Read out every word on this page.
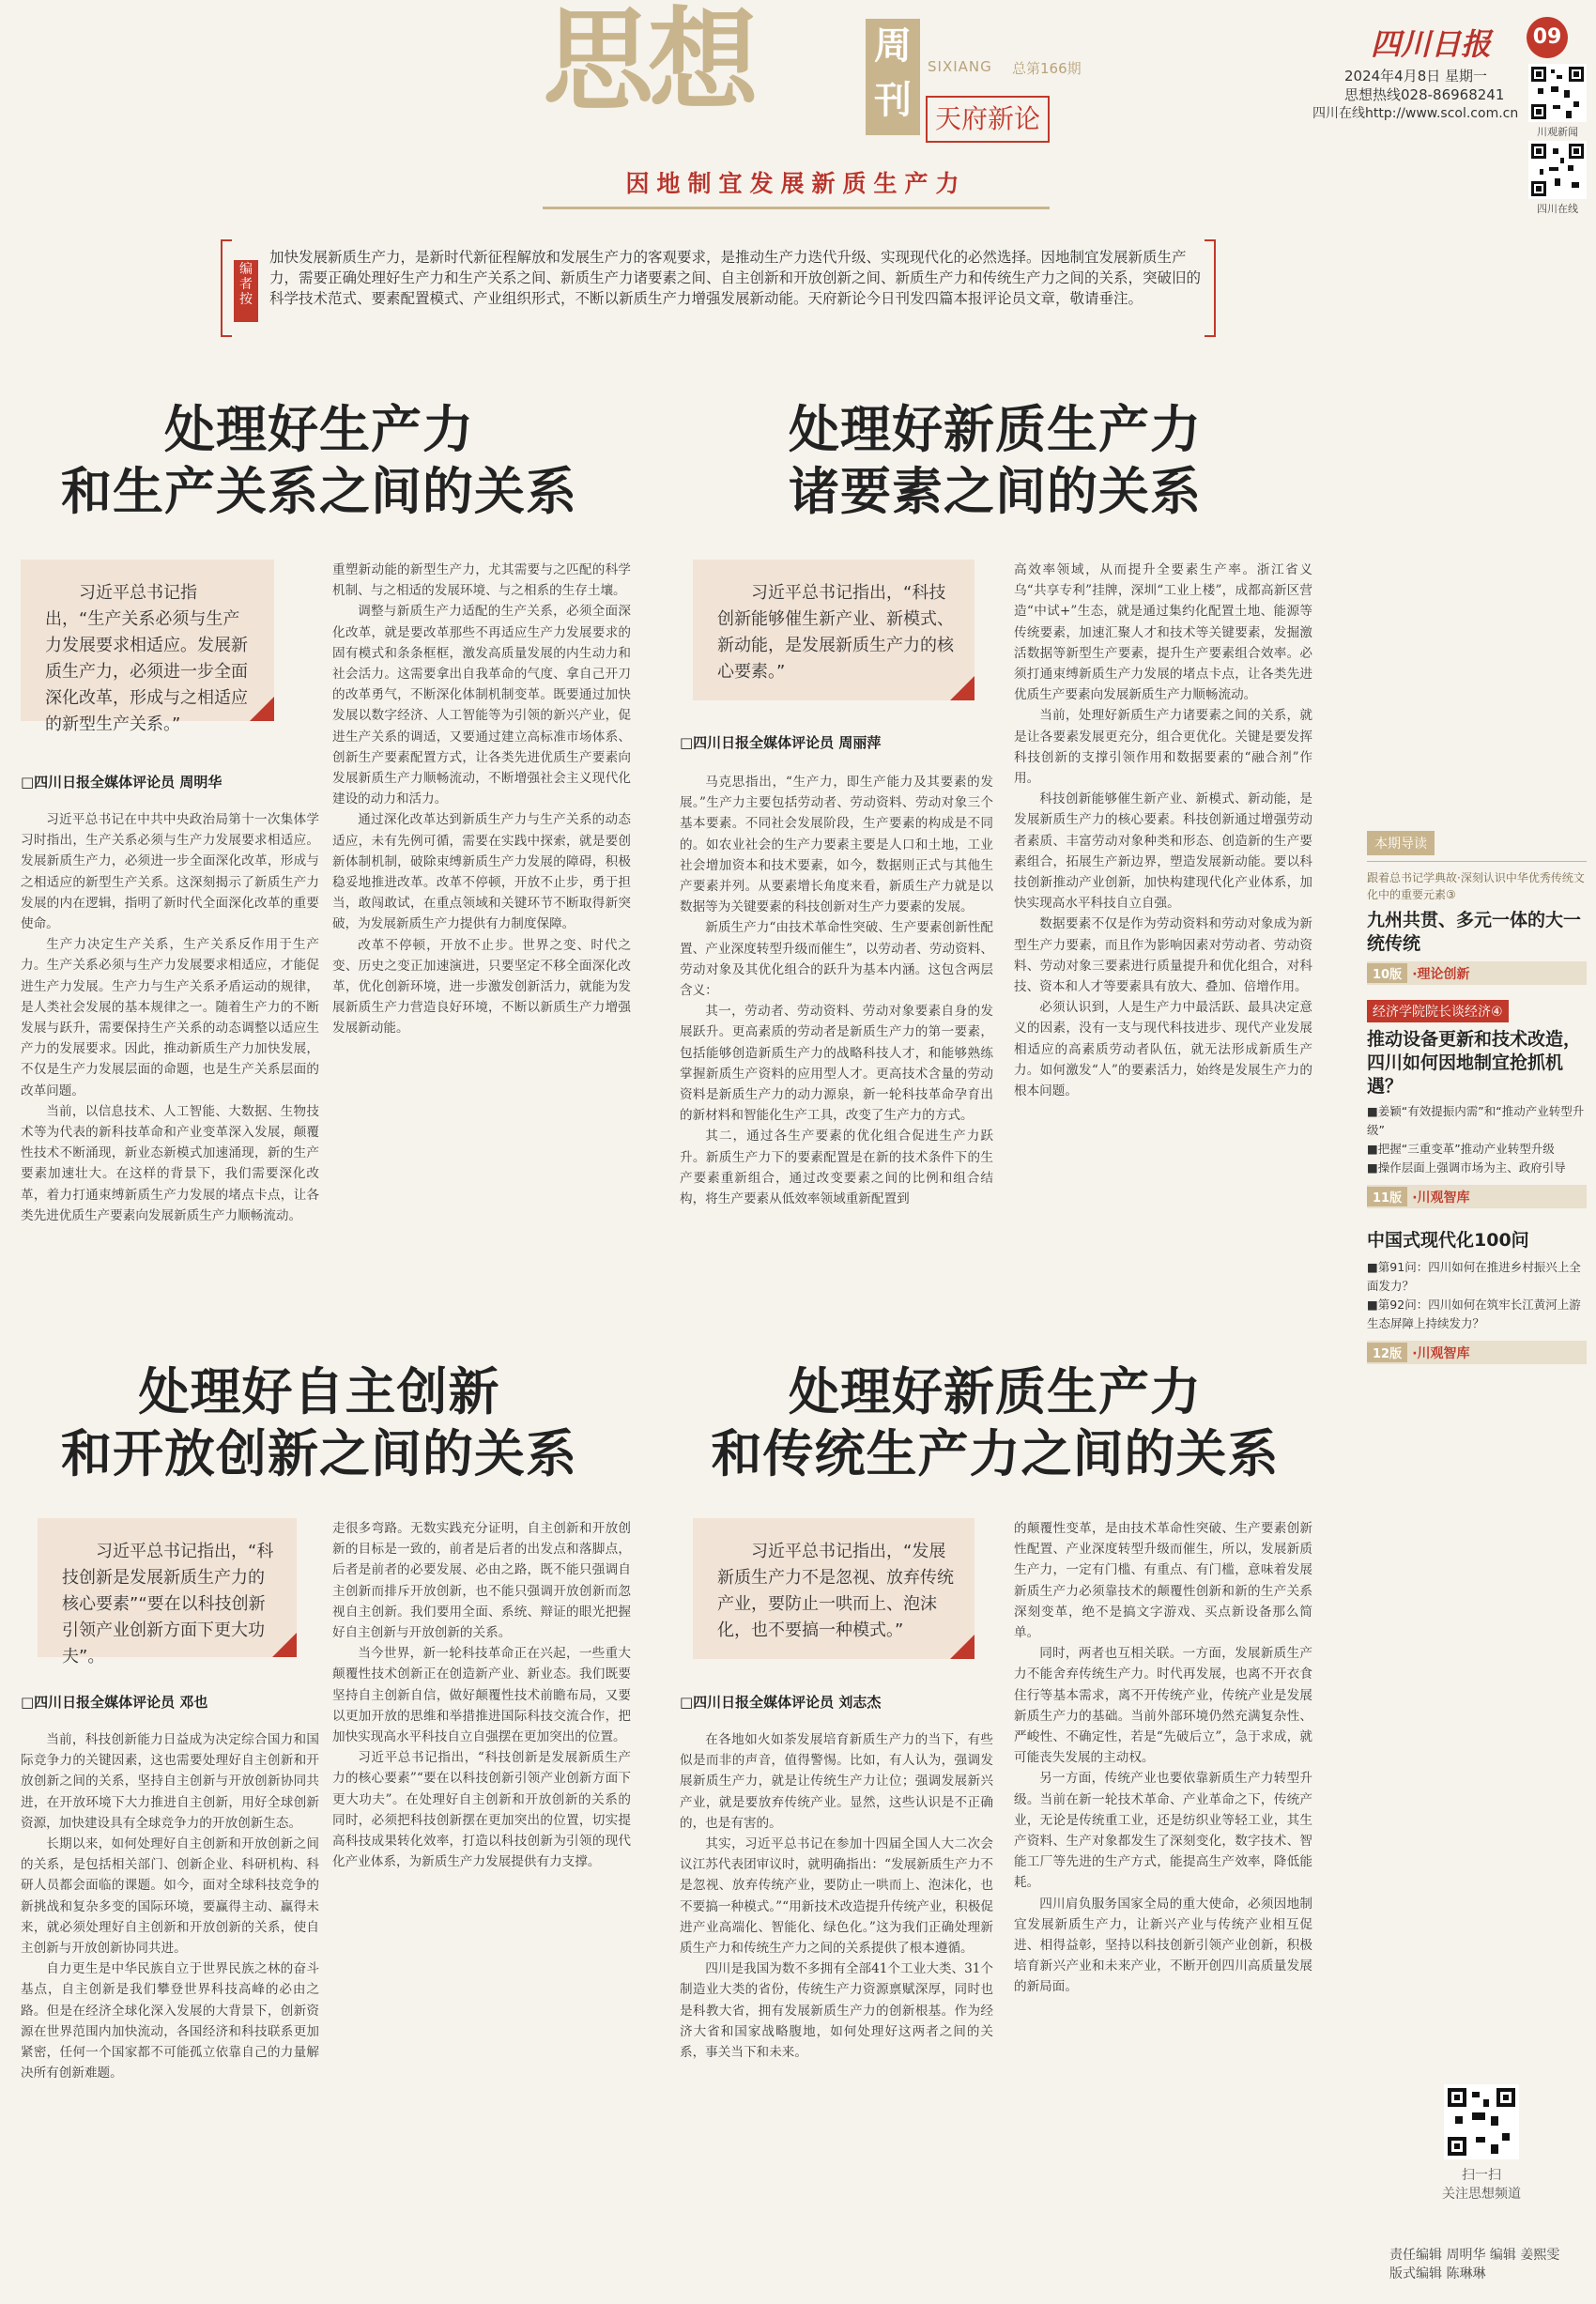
思想	周刊
SIXIANG 总第166期
天府新论
因地制宜发展新质生产力
四川日报	09
2024年4月8日 星期一
思想热线028-86968241
四川在线http://www.scol.com.cn
川观新闻
四川在线
编者按
加快发展新质生产力，是新时代新征程解放和发展生产力的客观要求，是推动生产力迭代升级、实现现代化的必然选择。因地制宜发展新质生产力，需要正确处理好生产力和生产关系之间、新质生产力诸要素之间、自主创新和开放创新之间、新质生产力和传统生产力之间的关系，突破旧的科学技术范式、要素配置模式、产业组织形式，不断以新质生产力增强发展新动能。天府新论今日刊发四篇本报评论员文章，敬请垂注。
处理好生产力
和生产关系之间的关系
习近平总书记指出，“生产关系必须与生产力发展要求相适应。发展新质生产力，必须进一步全面深化改革，形成与之相适应的新型生产关系。”
□四川日报全媒体评论员 周明华

习近平总书记在中共中央政治局第十一次集体学习时指出，生产关系必须与生产力发展要求相适应。发展新质生产力，必须进一步全面深化改革，形成与之相适应的新型生产关系。这深刻揭示了新质生产力发展的内在逻辑，指明了新时代全面深化改革的重要使命。

生产力决定生产关系，生产关系反作用于生产力。生产关系必须与生产力发展要求相适应，才能促进生产力发展。生产力与生产关系矛盾运动的规律，是人类社会发展的基本规律之一。随着生产力的不断发展与跃升，需要保持生产关系的动态调整以适应生产力的发展要求。因此，推动新质生产力加快发展，不仅是生产力发展层面的命题，也是生产关系层面的改革问题。

当前，以信息技术、人工智能、大数据、生物技术等为代表的新科技革命和产业变革深入发展，颠覆性技术不断涌现，新业态新模式加速涌现，新的生产要素加速壮大。在这样的背景下，我们需要深化改革，着力打通束缚新质生产力发展的堵点卡点，让各类先进优质生产要素向发展新质生产力顺畅流动。

重塑新动能的新型生产力，尤其需要与之匹配的科学机制、与之相适的发展环境、与之相系的生存土壤。

调整与新质生产力适配的生产关系，必须全面深化改革，就是要改革那些不再适应生产力发展要求的固有模式和条条框框，激发高质量发展的内生动力和社会活力。这需要拿出自我革命的气度、拿自己开刀的改革勇气，不断深化体制机制变革。既要通过加快发展以数字经济、人工智能等为引领的新兴产业，促进生产关系的调适，又要通过建立高标准市场体系、创新生产要素配置方式，让各类先进优质生产要素向发展新质生产力顺畅流动，不断增强社会主义现代化建设的动力和活力。

通过深化改革达到新质生产力与生产关系的动态适应，未有先例可循，需要在实践中探索，就是要创新体制机制，破除束缚新质生产力发展的障碍，积极稳妥地推进改革。改革不停顿，开放不止步，勇于担当，敢闯敢试，在重点领域和关键环节不断取得新突破，为发展新质生产力提供有力制度保障。

改革不停顿，开放不止步。世界之变、时代之变、历史之变正加速演进，只要坚定不移全面深化改革，优化创新环境，进一步激发创新活力，就能为发展新质生产力营造良好环境，不断以新质生产力增强发展新动能。

处理好新质生产力
诸要素之间的关系
习近平总书记指出，“科技创新能够催生新产业、新模式、新动能，是发展新质生产力的核心要素。”
□四川日报全媒体评论员 周丽萍

马克思指出，“生产力，即生产能力及其要素的发展。”生产力主要包括劳动者、劳动资料、劳动对象三个基本要素。不同社会发展阶段，生产要素的构成是不同的。如农业社会的生产力要素主要是人口和土地，工业社会增加资本和技术要素，如今，数据则正式与其他生产要素并列。从要素增长角度来看，新质生产力就是以数据等为关键要素的科技创新对生产力要素的发展。

新质生产力“由技术革命性突破、生产要素创新性配置、产业深度转型升级而催生”，以劳动者、劳动资料、劳动对象及其优化组合的跃升为基本内涵。这包含两层含义：

其一，劳动者、劳动资料、劳动对象要素自身的发展跃升。更高素质的劳动者是新质生产力的第一要素，包括能够创造新质生产力的战略科技人才，和能够熟练掌握新质生产资料的应用型人才。更高技术含量的劳动资料是新质生产力的动力源泉，新一轮科技革命孕育出的新材料和智能化生产工具，改变了生产力的方式。

其二，通过各生产要素的优化组合促进生产力跃升。新质生产力下的要素配置是在新的技术条件下的生产要素重新组合，通过改变要素之间的比例和组合结构，将生产要素从低效率领域重新配置到

高效率领域，从而提升全要素生产率。浙江省义乌“共享专利”挂牌，深圳“工业上楼”，成都高新区营造“中试+”生态，就是通过集约化配置土地、能源等传统要素，加速汇聚人才和技术等关键要素，发掘激活数据等新型生产要素，提升生产要素组合效率。必须打通束缚新质生产力发展的堵点卡点，让各类先进优质生产要素向发展新质生产力顺畅流动。

当前，处理好新质生产力诸要素之间的关系，就是让各要素发展更充分，组合更优化。关键是要发挥科技创新的支撑引领作用和数据要素的“融合剂”作用。

科技创新能够催生新产业、新模式、新动能，是发展新质生产力的核心要素。科技创新通过增强劳动者素质、丰富劳动对象种类和形态、创造新的生产要素组合，拓展生产新边界，塑造发展新动能。要以科技创新推动产业创新，加快构建现代化产业体系，加快实现高水平科技自立自强。

数据要素不仅是作为劳动资料和劳动对象成为新型生产力要素，而且作为影响因素对劳动者、劳动资料、劳动对象三要素进行质量提升和优化组合，对科技、资本和人才等要素具有放大、叠加、倍增作用。

必须认识到，人是生产力中最活跃、最具决定意义的因素，没有一支与现代科技进步、现代产业发展相适应的高素质劳动者队伍，就无法形成新质生产力。如何激发“人”的要素活力，始终是发展生产力的根本问题。

处理好自主创新
和开放创新之间的关系
习近平总书记指出，“科技创新是发展新质生产力的核心要素”“要在以科技创新引领产业创新方面下更大功夫”。
□四川日报全媒体评论员 邓也

当前，科技创新能力日益成为决定综合国力和国际竞争力的关键因素，这也需要处理好自主创新和开放创新之间的关系，坚持自主创新与开放创新协同共进，在开放环境下大力推进自主创新，用好全球创新资源，加快建设具有全球竞争力的开放创新生态。

长期以来，如何处理好自主创新和开放创新之间的关系，是包括相关部门、创新企业、科研机构、科研人员都会面临的课题。如今，面对全球科技竞争的新挑战和复杂多变的国际环境，要赢得主动、赢得未来，就必须处理好自主创新和开放创新的关系，使自主创新与开放创新协同共进。

自力更生是中华民族自立于世界民族之林的奋斗基点，自主创新是我们攀登世界科技高峰的必由之路。但是在经济全球化深入发展的大背景下，创新资源在世界范围内加快流动，各国经济和科技联系更加紧密，任何一个国家都不可能孤立依靠自己的力量解决所有创新难题。

走很多弯路。无数实践充分证明，自主创新和开放创新的目标是一致的，前者是后者的出发点和落脚点，后者是前者的必要发展、必由之路，既不能只强调自主创新而排斥开放创新，也不能只强调开放创新而忽视自主创新。我们要用全面、系统、辩证的眼光把握好自主创新与开放创新的关系。

当今世界，新一轮科技革命正在兴起，一些重大颠覆性技术创新正在创造新产业、新业态。我们既要坚持自主创新自信，做好颠覆性技术前瞻布局，又要以更加开放的思维和举措推进国际科技交流合作，把加快实现高水平科技自立自强摆在更加突出的位置。

习近平总书记指出，“科技创新是发展新质生产力的核心要素”“要在以科技创新引领产业创新方面下更大功夫”。在处理好自主创新和开放创新的关系的同时，必须把科技创新摆在更加突出的位置，切实提高科技成果转化效率，打造以科技创新为引领的现代化产业体系，为新质生产力发展提供有力支撑。

处理好新质生产力
和传统生产力之间的关系
习近平总书记指出，“发展新质生产力不是忽视、放弃传统产业，要防止一哄而上、泡沫化，也不要搞一种模式。”
□四川日报全媒体评论员 刘志杰

在各地如火如荼发展培育新质生产力的当下，有些似是而非的声音，值得警惕。比如，有人认为，强调发展新质生产力，就是让传统生产力让位；强调发展新兴产业，就是要放弃传统产业。显然，这些认识是不正确的，也是有害的。

其实，习近平总书记在参加十四届全国人大二次会议江苏代表团审议时，就明确指出：“发展新质生产力不是忽视、放弃传统产业，要防止一哄而上、泡沫化，也不要搞一种模式。”“用新技术改造提升传统产业，积极促进产业高端化、智能化、绿色化。”这为我们正确处理新质生产力和传统生产力之间的关系提供了根本遵循。

四川是我国为数不多拥有全部41个工业大类、31个制造业大类的省份，传统生产力资源禀赋深厚，同时也是科教大省，拥有发展新质生产力的创新根基。作为经济大省和国家战略腹地，如何处理好这两者之间的关系，事关当下和未来。

的颠覆性变革，是由技术革命性突破、生产要素创新性配置、产业深度转型升级而催生，所以，发展新质生产力，一定有门槛、有重点、有门槛，意味着发展新质生产力必须靠技术的颠覆性创新和新的生产关系深刻变革，绝不是搞文字游戏、买点新设备那么简单。

同时，两者也互相关联。一方面，发展新质生产力不能舍弃传统生产力。时代再发展，也离不开衣食住行等基本需求，离不开传统产业，传统产业是发展新质生产力的基础。当前外部环境仍然充满复杂性、严峻性、不确定性，若是“先破后立”，急于求成，就可能丧失发展的主动权。

另一方面，传统产业也要依靠新质生产力转型升级。当前在新一轮技术革命、产业革命之下，传统产业，无论是传统重工业，还是纺织业等轻工业，其生产资料、生产对象都发生了深刻变化，数字技术、智能工厂等先进的生产方式，能提高生产效率，降低能耗。

四川肩负服务国家全局的重大使命，必须因地制宜发展新质生产力，让新兴产业与传统产业相互促进、相得益彰，坚持以科技创新引领产业创新，积极培育新兴产业和未来产业，不断开创四川高质量发展的新局面。

本期导读
跟着总书记学典故·深刻认识中华优秀传统文化中的重要元素③
九州共贯、多元一体的大一统传统
10版 ·理论创新
经济学院院长谈经济④
推动设备更新和技术改造，四川如何因地制宜抢抓机遇？
■姜颖“有效提振内需”和“推动产业转型升级”
■把握“三重变革”推动产业转型升级
■操作层面上强调市场为主、政府引导
11版 ·川观智库
中国式现代化100问
■第91问：四川如何在推进乡村振兴上全面发力？
■第92问：四川如何在筑牢长江黄河上游生态屏障上持续发力？
12版 ·川观智库
扫一扫
关注思想频道
责任编辑 周明华 编辑 姜熙雯
版式编辑 陈琳琳
